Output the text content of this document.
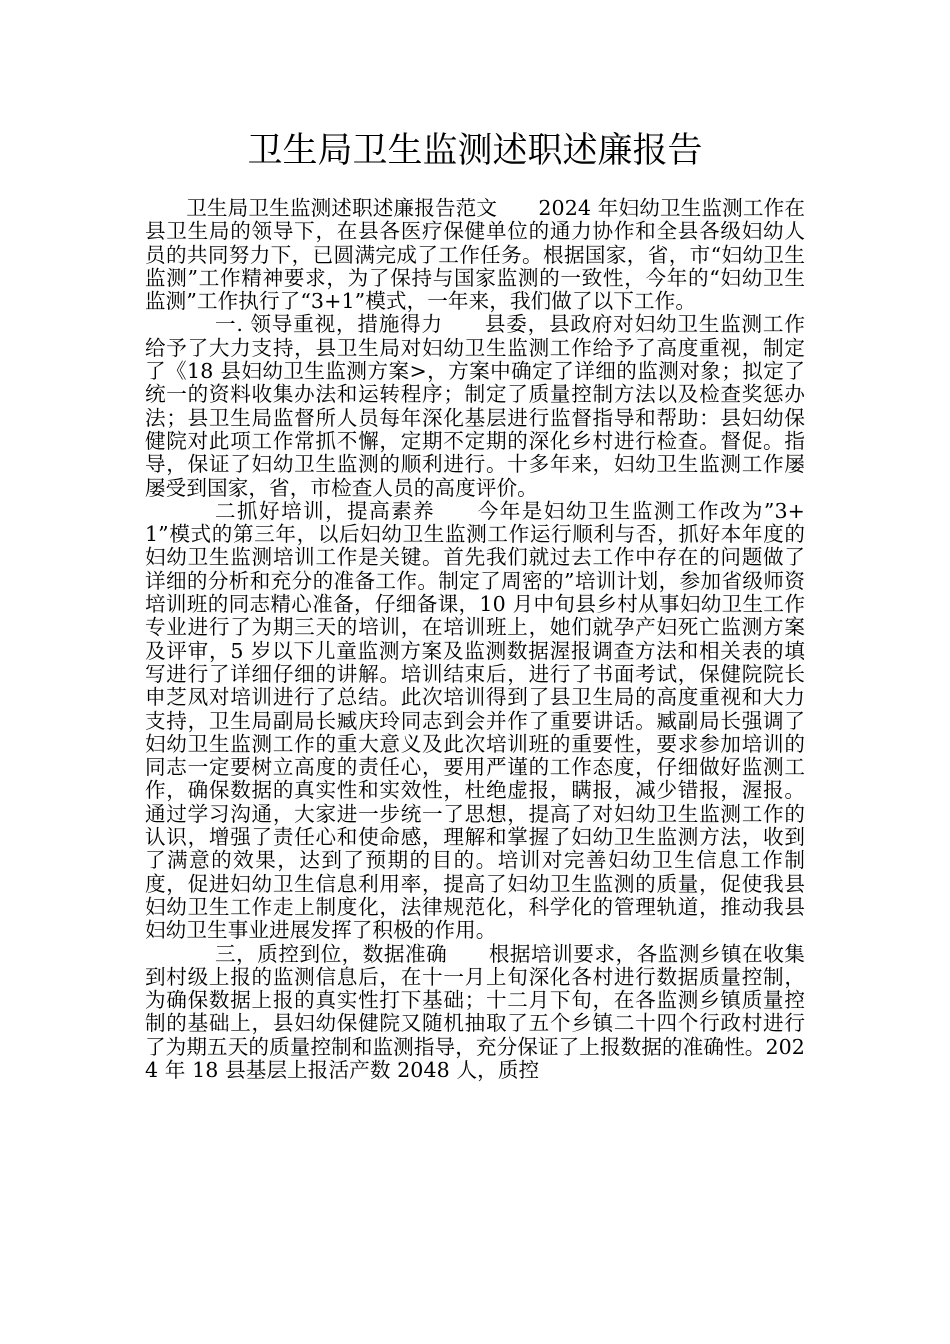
卫生局卫生监测述职述廉报告

卫生局卫生监测述职述廉报告范文 2024 年妇幼卫生监测工作在县卫生局的领导下，在县各医疗保健单位的通力协作和全县各级妇幼人员的共同努力下，已圆满完成了工作任务。根据国家，省，市“妇幼卫生监测”工作精神要求，为了保持与国家监测的一致性，今年的“妇幼卫生监测”工作执行了“3+1”模式，一年来，我们做了以下工作。

一. 领导重视，措施得力 县委，县政府对妇幼卫生监测工作给予了大力支持，县卫生局对妇幼卫生监测工作给予了高度重视，制定了《18 县妇幼卫生监测方案>，方案中确定了详细的监测对象；拟定了统一的资料收集办法和运转程序；制定了质量控制方法以及检查奖惩办法；县卫生局监督所人员每年深化基层进行监督指导和帮助：县妇幼保健院对此项工作常抓不懈，定期不定期的深化乡村进行检查。督促。指导，保证了妇幼卫生监测的顺利进行。十多年来，妇幼卫生监测工作屡屡受到国家，省，市检查人员的高度评价。

二抓好培训，提高素养 今年是妇幼卫生监测工作改为”3+1”模式的第三年，以后妇幼卫生监测工作运行顺利与否，抓好本年度的妇幼卫生监测培训工作是关键。首先我们就过去工作中存在的问题做了详细的分析和充分的准备工作。制定了周密的”培训计划，参加省级师资培训班的同志精心准备，仔细备课，10 月中旬县乡村从事妇幼卫生工作专业进行了为期三天的培训，在培训班上，她们就孕产妇死亡监测方案及评审，5 岁以下儿童监测方案及监测数据渥报调查方法和相关表的填写进行了详细仔细的讲解。培训结束后，进行了书面考试，保健院院长申芝凤对培训进行了总结。此次培训得到了县卫生局的高度重视和大力支持，卫生局副局长臧庆玲同志到会并作了重要讲话。臧副局长强调了妇幼卫生监测工作的重大意义及此次培训班的重要性，要求参加培训的同志一定要树立高度的责任心，要用严谨的工作态度，仔细做好监测工作，确保数据的真实性和实效性，杜绝虚报，瞒报，减少错报，渥报。通过学习沟通，大家进一步统一了思想，提高了对妇幼卫生监测工作的认识，增强了责任心和使命感，理解和掌握了妇幼卫生监测方法，收到了满意的效果，达到了预期的目的。培训对完善妇幼卫生信息工作制度，促进妇幼卫生信息利用率，提高了妇幼卫生监测的质量，促使我县妇幼卫生工作走上制度化，法律规范化，科学化的管理轨道，推动我县妇幼卫生事业进展发挥了积极的作用。

三，质控到位，数据准确 根据培训要求，各监测乡镇在收集到村级上报的监测信息后，在十一月上旬深化各村进行数据质量控制，为确保数据上报的真实性打下基础；十二月下旬，在各监测乡镇质量控制的基础上，县妇幼保健院又随机抽取了五个乡镇二十四个行政村进行了为期五天的质量控制和监测指导，充分保证了上报数据的准确性。2024 年 18 县基层上报活产数 2048 人，质控
